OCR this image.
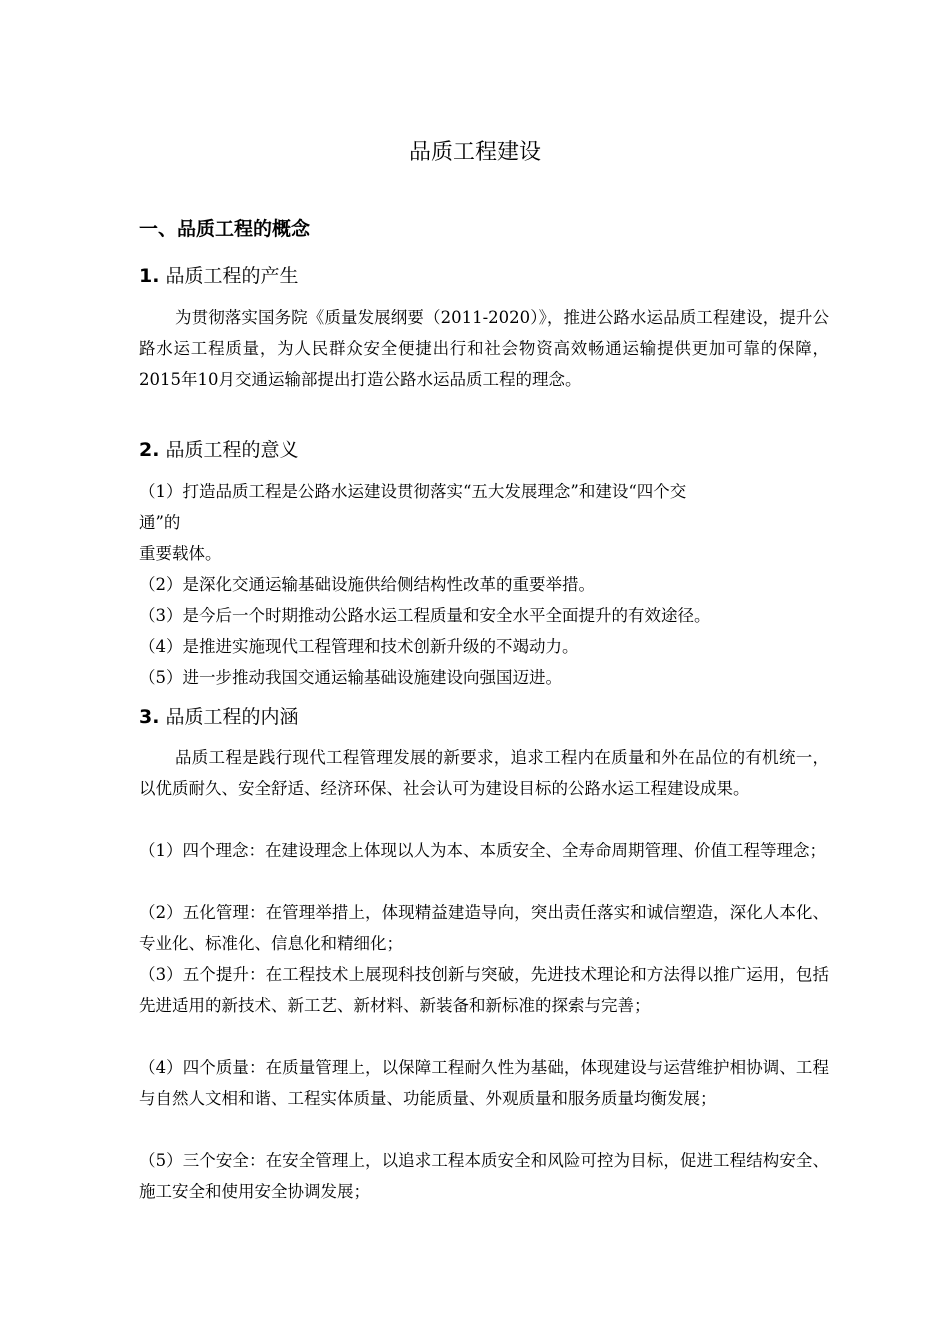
品质工程建设
一、品质工程的概念
1. 品质工程的产生
为贯彻落实国务院《质量发展纲要（2011-2020）》，推进公路水运品质工程建设，提升公路水运工程质量，为人民群众安全便捷出行和社会物资高效畅通运输提供更加可靠的保障，2015年10月交通运输部提出打造公路水运品质工程的理念。
2. 品质工程的意义
（1）打造品质工程是公路水运建设贯彻落实“五大发展理念”和建设“四个交
通”的
重要载体。
（2）是深化交通运输基础设施供给侧结构性改革的重要举措。
（3）是今后一个时期推动公路水运工程质量和安全水平全面提升的有效途径。
（4）是推进实施现代工程管理和技术创新升级的不竭动力。
（5）进一步推动我国交通运输基础设施建设向强国迈进。
3. 品质工程的内涵
品质工程是践行现代工程管理发展的新要求，追求工程内在质量和外在品位的有机统一，以优质耐久、安全舒适、经济环保、社会认可为建设目标的公路水运工程建设成果。
（1）四个理念：在建设理念上体现以人为本、本质安全、全寿命周期管理、价值工程等理念；
（2）五化管理：在管理举措上，体现精益建造导向，突出责任落实和诚信塑造，深化人本化、专业化、标准化、信息化和精细化；
（3）五个提升：在工程技术上展现科技创新与突破，先进技术理论和方法得以推广运用，包括先进适用的新技术、新工艺、新材料、新装备和新标准的探索与完善；
（4）四个质量：在质量管理上，以保障工程耐久性为基础，体现建设与运营维护相协调、工程与自然人文相和谐、工程实体质量、功能质量、外观质量和服务质量均衡发展；
（5）三个安全：在安全管理上，以追求工程本质安全和风险可控为目标，促进工程结构安全、施工安全和使用安全协调发展；
